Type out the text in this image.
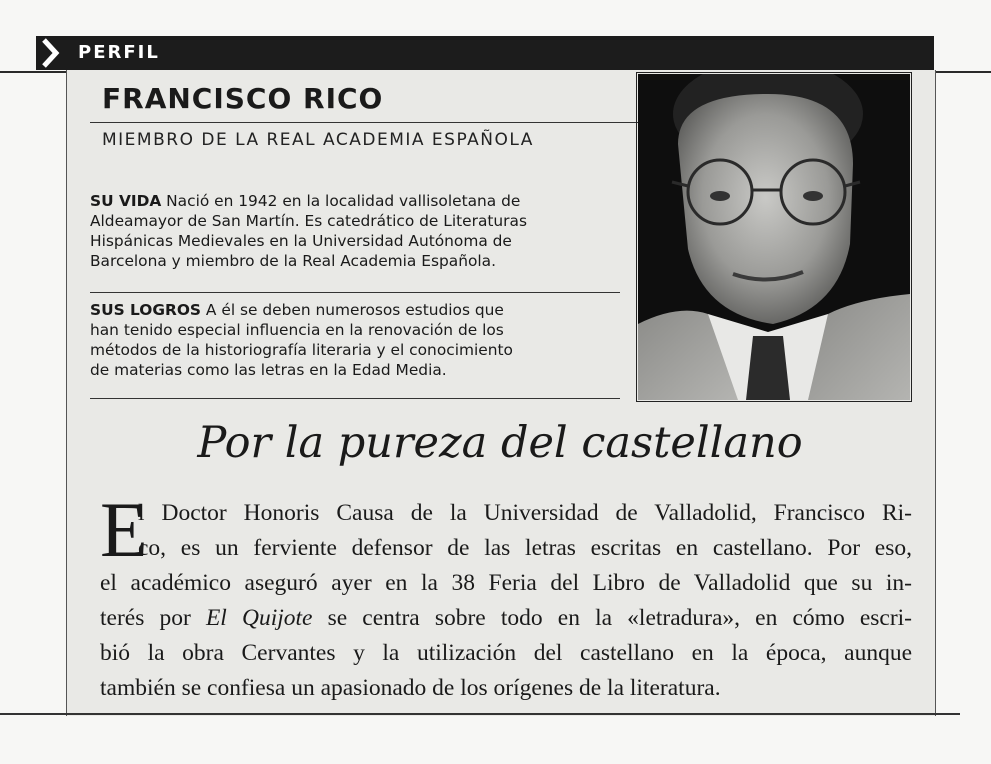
PERFIL
FRANCISCO RICO
MIEMBRO DE LA REAL ACADEMIA ESPAÑOLA
SU VIDA Nació en 1942 en la localidad vallisoletana de
Aldeamayor de San Martín. Es catedrático de Literaturas
Hispánicas Medievales en la Universidad Autónoma de
Barcelona y miembro de la Real Academia Española.
SUS LOGROS A él se deben numerosos estudios que
han tenido especial influencia en la renovación de los
métodos de la historiografía literaria y el conocimiento
de materias como las letras en la Edad Media.
Por la pureza del castellano
E
l Doctor Honoris Causa de la Universidad de Valladolid, Francisco Ri-
co, es un ferviente defensor de las letras escritas en castellano. Por eso,
el académico aseguró ayer en la 38 Feria del Libro de Valladolid que su in-
terés por El Quijote se centra sobre todo en la «letradura», en cómo escri-
bió la obra Cervantes y la utilización del castellano en la época, aunque
también se confiesa un apasionado de los orígenes de la literatura.
